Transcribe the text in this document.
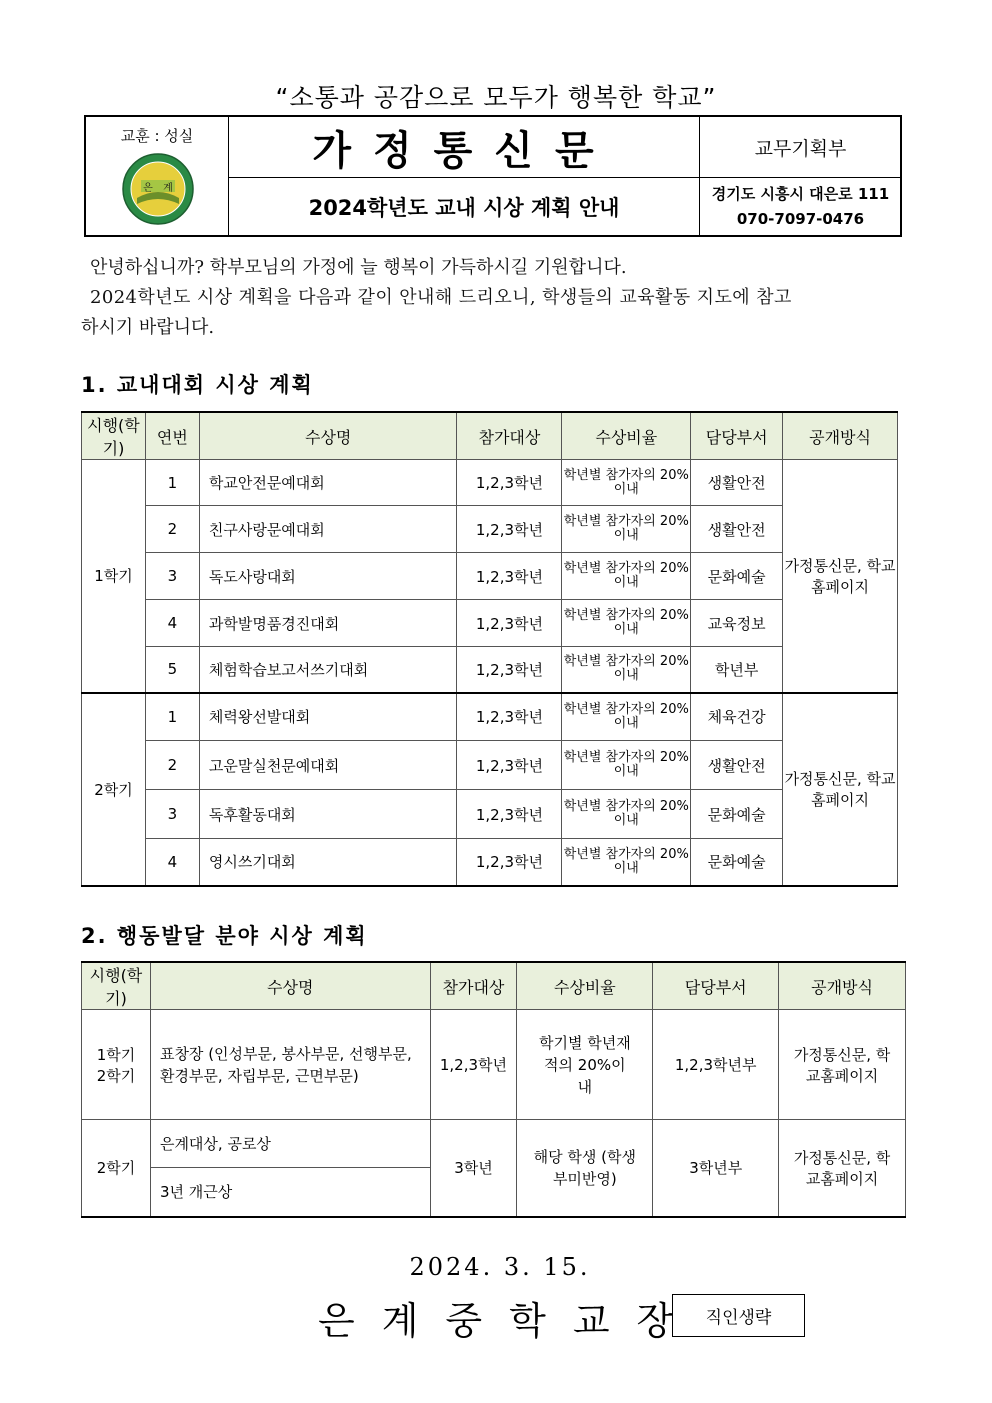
“소통과 공감으로 모두가 행복한 학교”
교훈 : 성실
은 계
가정통신문
2024학년도 교내 시상 계획 안내
교무기획부
경기도 시흥시 대은로 111
070-7097-0476
안녕하십니까? 학부모님의 가정에 늘 행복이 가득하시길 기원합니다.
2024학년도 시상 계획을 다음과 같이 안내해 드리오니, 학생들의 교육활동 지도에 참고
하시기 바랍니다.
1. 교내대회 시상 계획
시행(학기)	연번	수상명	참가대상	수상비율	담당부서	공개방식
1학기	1	학교안전문예대회	1,2,3학년	학년별 참가자의 20%이내	생활안전	가정통신문, 학교홈페이지
	2	친구사랑문예대회	1,2,3학년	학년별 참가자의 20%이내	생활안전	
	3	독도사랑대회	1,2,3학년	학년별 참가자의 20%이내	문화예술	
	4	과학발명품경진대회	1,2,3학년	학년별 참가자의 20%이내	교육정보	
	5	체험학습보고서쓰기대회	1,2,3학년	학년별 참가자의 20%이내	학년부	
2학기	1	체력왕선발대회	1,2,3학년	학년별 참가자의 20%이내	체육건강	가정통신문, 학교홈페이지
	2	고운말실천문예대회	1,2,3학년	학년별 참가자의 20%이내	생활안전	
	3	독후활동대회	1,2,3학년	학년별 참가자의 20%이내	문화예술	
	4	영시쓰기대회	1,2,3학년	학년별 참가자의 20%이내	문화예술	
2. 행동발달 분야 시상 계획
시행(학기)	수상명	참가대상	수상비율	담당부서	공개방식
1학기 2학기	표창장 (인성부문, 봉사부문, 선행부문, 환경부문, 자립부문, 근면부문)	1,2,3학년	학기별 학년재적의 20%이내	1,2,3학년부	가정통신문, 학교홈페이지
2학기	은계대상, 공로상	3학년	해당 학생 (학생부미반영)	3학년부	가정통신문, 학교홈페이지
	3년 개근상				
2024. 3. 15.
은계중학교장 직인생략
